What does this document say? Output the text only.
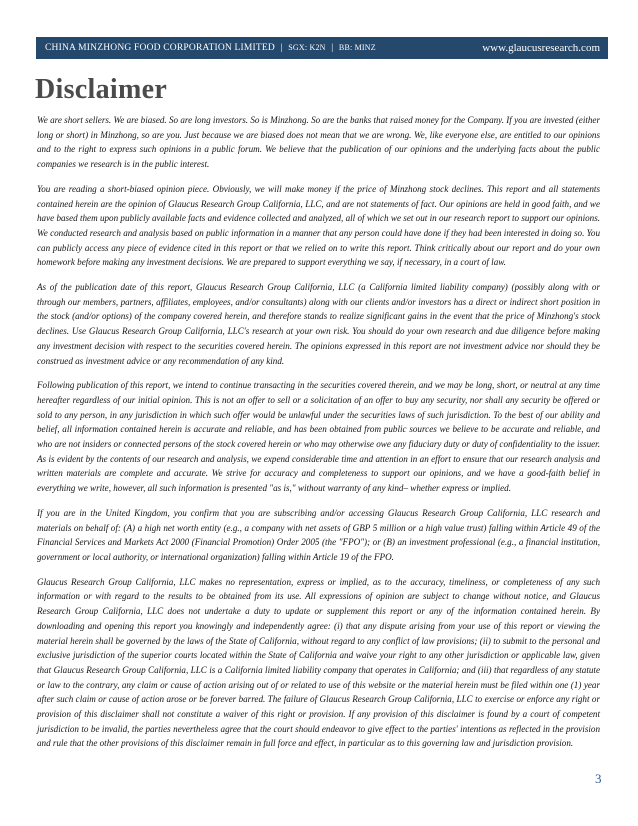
CHINA MINZHONG FOOD CORPORATION LIMITED | SGX: K2N | BB: MINZ	www.glaucusresearch.com
Disclaimer

We are short sellers. We are biased. So are long investors. So is Minzhong. So are the banks that raised money for the Company. If you are invested (either long or short) in Minzhong, so are you. Just because we are biased does not mean that we are wrong. We, like everyone else, are entitled to our opinions and to the right to express such opinions in a public forum. We believe that the publication of our opinions and the underlying facts about the public companies we research is in the public interest.

You are reading a short-biased opinion piece. Obviously, we will make money if the price of Minzhong stock declines. This report and all statements contained herein are the opinion of Glaucus Research Group California, LLC, and are not statements of fact. Our opinions are held in good faith, and we have based them upon publicly available facts and evidence collected and analyzed, all of which we set out in our research report to support our opinions. We conducted research and analysis based on public information in a manner that any person could have done if they had been interested in doing so. You can publicly access any piece of evidence cited in this report or that we relied on to write this report. Think critically about our report and do your own homework before making any investment decisions. We are prepared to support everything we say, if necessary, in a court of law.

As of the publication date of this report, Glaucus Research Group California, LLC (a California limited liability company) (possibly along with or through our members, partners, affiliates, employees, and/or consultants) along with our clients and/or investors has a direct or indirect short position in the stock (and/or options) of the company covered herein, and therefore stands to realize significant gains in the event that the price of Minzhong's stock declines. Use Glaucus Research Group California, LLC's research at your own risk. You should do your own research and due diligence before making any investment decision with respect to the securities covered herein. The opinions expressed in this report are not investment advice nor should they be construed as investment advice or any recommendation of any kind.

Following publication of this report, we intend to continue transacting in the securities covered therein, and we may be long, short, or neutral at any time hereafter regardless of our initial opinion. This is not an offer to sell or a solicitation of an offer to buy any security, nor shall any security be offered or sold to any person, in any jurisdiction in which such offer would be unlawful under the securities laws of such jurisdiction. To the best of our ability and belief, all information contained herein is accurate and reliable, and has been obtained from public sources we believe to be accurate and reliable, and who are not insiders or connected persons of the stock covered herein or who may otherwise owe any fiduciary duty or duty of confidentiality to the issuer. As is evident by the contents of our research and analysis, we expend considerable time and attention in an effort to ensure that our research analysis and written materials are complete and accurate. We strive for accuracy and completeness to support our opinions, and we have a good-faith belief in everything we write, however, all such information is presented "as is," without warranty of any kind– whether express or implied.

If you are in the United Kingdom, you confirm that you are subscribing and/or accessing Glaucus Research Group California, LLC research and materials on behalf of: (A) a high net worth entity (e.g., a company with net assets of GBP 5 million or a high value trust) falling within Article 49 of the Financial Services and Markets Act 2000 (Financial Promotion) Order 2005 (the "FPO"); or (B) an investment professional (e.g., a financial institution, government or local authority, or international organization) falling within Article 19 of the FPO.

Glaucus Research Group California, LLC makes no representation, express or implied, as to the accuracy, timeliness, or completeness of any such information or with regard to the results to be obtained from its use. All expressions of opinion are subject to change without notice, and Glaucus Research Group California, LLC does not undertake a duty to update or supplement this report or any of the information contained herein. By downloading and opening this report you knowingly and independently agree: (i) that any dispute arising from your use of this report or viewing the material herein shall be governed by the laws of the State of California, without regard to any conflict of law provisions; (ii) to submit to the personal and exclusive jurisdiction of the superior courts located within the State of California and waive your right to any other jurisdiction or applicable law, given that Glaucus Research Group California, LLC is a California limited liability company that operates in California; and (iii) that regardless of any statute or law to the contrary, any claim or cause of action arising out of or related to use of this website or the material herein must be filed within one (1) year after such claim or cause of action arose or be forever barred. The failure of Glaucus Research Group California, LLC to exercise or enforce any right or provision of this disclaimer shall not constitute a waiver of this right or provision. If any provision of this disclaimer is found by a court of competent jurisdiction to be invalid, the parties nevertheless agree that the court should endeavor to give effect to the parties' intentions as reflected in the provision and rule that the other provisions of this disclaimer remain in full force and effect, in particular as to this governing law and jurisdiction provision.

3
